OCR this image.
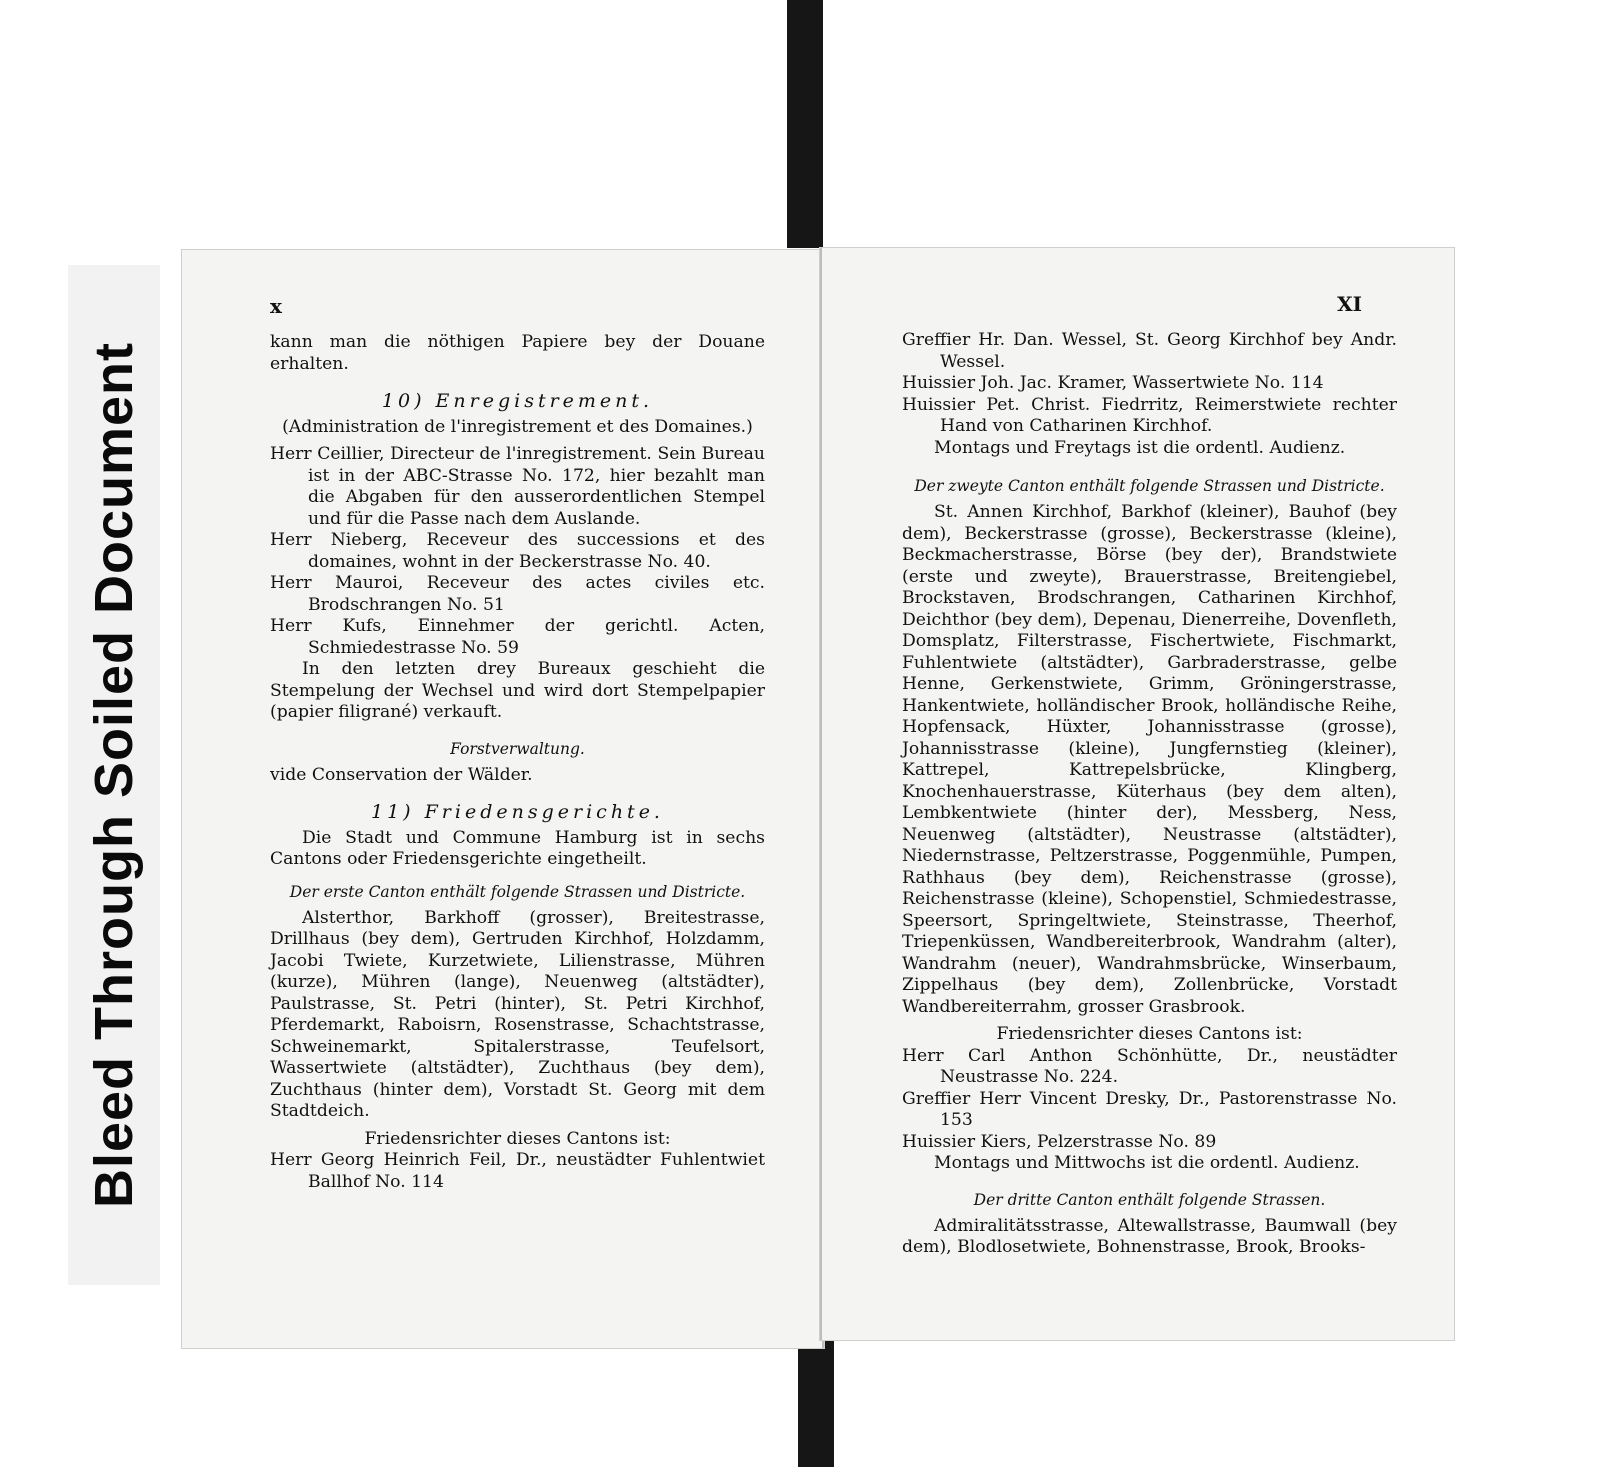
Bleed Through Soiled Document
x

kann man die nöthigen Papiere bey der Douane erhalten.

10) Enregistrement.

(Administration de l'inregistrement et des Domaines.)

Herr Ceillier, Directeur de l'inregistrement. Sein Bureau ist in der ABC-Strasse No. 172, hier bezahlt man die Abgaben für den ausserordentlichen Stempel und für die Passe nach dem Auslande.

Herr Nieberg, Receveur des successions et des domaines, wohnt in der Beckerstrasse No. 40.

Herr Mauroi, Receveur des actes civiles etc. Brodschrangen No. 51

Herr Kufs, Einnehmer der gerichtl. Acten, Schmiedestrasse No. 59

In den letzten drey Bureaux geschieht die Stempelung der Wechsel und wird dort Stempelpapier (papier filigrané) verkauft.

Forstverwaltung.

vide Conservation der Wälder.

11) Friedensgerichte.

Die Stadt und Commune Hamburg ist in sechs Cantons oder Friedensgerichte eingetheilt.

Der erste Canton enthält folgende Strassen und Districte.

Alsterthor, Barkhoff (grosser), Breitestrasse, Drillhaus (bey dem), Gertruden Kirchhof, Holzdamm, Jacobi Twiete, Kurzetwiete, Lilienstrasse, Mühren (kurze), Mühren (lange), Neuenweg (altstädter), Paulstrasse, St. Petri (hinter), St. Petri Kirchhof, Pferdemarkt, Raboisrn, Rosenstrasse, Schachtstrasse, Schweinemarkt, Spitalerstrasse, Teufelsort, Wassertwiete (altstädter), Zuchthaus (bey dem), Zuchthaus (hinter dem), Vorstadt St. Georg mit dem Stadtdeich.

Friedensrichter dieses Cantons ist:

Herr Georg Heinrich Feil, Dr., neustädter Fuhlentwiet Ballhof No. 114

XI

Greffier Hr. Dan. Wessel, St. Georg Kirchhof bey Andr. Wessel.

Huissier Joh. Jac. Kramer, Wassertwiete No. 114

Huissier Pet. Christ. Fiedrritz, Reimerstwiete rechter Hand von Catharinen Kirchhof.

Montags und Freytags ist die ordentl. Audienz.

Der zweyte Canton enthält folgende Strassen und Districte.

St. Annen Kirchhof, Barkhof (kleiner), Bauhof (bey dem), Beckerstrasse (grosse), Beckerstrasse (kleine), Beckmacherstrasse, Börse (bey der), Brandstwiete (erste und zweyte), Brauerstrasse, Breitengiebel, Brockstaven, Brodschrangen, Catharinen Kirchhof, Deichthor (bey dem), Depenau, Dienerreihe, Dovenfleth, Domsplatz, Filterstrasse, Fischertwiete, Fischmarkt, Fuhlentwiete (altstädter), Garbraderstrasse, gelbe Henne, Gerkenstwiete, Grimm, Gröningerstrasse, Hankentwiete, holländischer Brook, holländische Reihe, Hopfensack, Hüxter, Johannisstrasse (grosse), Johannisstrasse (kleine), Jungfernstieg (kleiner), Kattrepel, Kattrepelsbrücke, Klingberg, Knochenhauerstrasse, Küterhaus (bey dem alten), Lembkentwiete (hinter der), Messberg, Ness, Neuenweg (altstädter), Neustrasse (altstädter), Niedernstrasse, Peltzerstrasse, Poggenmühle, Pumpen, Rathhaus (bey dem), Reichenstrasse (grosse), Reichenstrasse (kleine), Schopenstiel, Schmiedestrasse, Speersort, Springeltwiete, Steinstrasse, Theerhof, Triepenküssen, Wandbereiterbrook, Wandrahm (alter), Wandrahm (neuer), Wandrahmsbrücke, Winserbaum, Zippelhaus (bey dem), Zollenbrücke, Vorstadt Wandbereiterrahm, grosser Grasbrook.

Friedensrichter dieses Cantons ist:

Herr Carl Anthon Schönhütte, Dr., neustädter Neustrasse No. 224.

Greffier Herr Vincent Dresky, Dr., Pastorenstrasse No. 153

Huissier Kiers, Pelzerstrasse No. 89

Montags und Mittwochs ist die ordentl. Audienz.

Der dritte Canton enthält folgende Strassen.

Admiralitätsstrasse, Altewallstrasse, Baumwall (bey dem), Blodlosetwiete, Bohnenstrasse, Brook, Brooks-
